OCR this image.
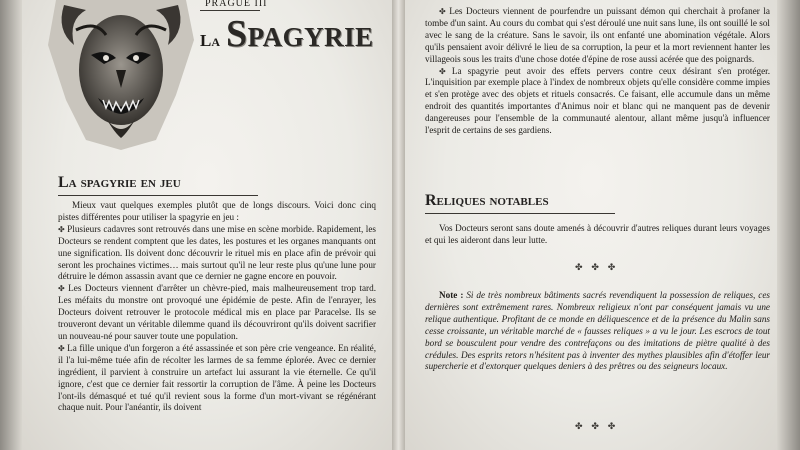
PRAGUE III
La Spagyrie
La spagyrie en jeu

Mieux vaut quelques exemples plutôt que de longs discours. Voici donc cinq pistes différentes pour utiliser la spagyrie en jeu :

✤ Plusieurs cadavres sont retrouvés dans une mise en scène morbide. Rapidement, les Docteurs se rendent comptent que les dates, les postures et les organes manquants ont une signification. Ils doivent donc découvrir le rituel mis en place afin de prévoir qui seront les prochaines victimes… mais surtout qu'il ne leur reste plus qu'une lune pour détruire le démon assassin avant que ce dernier ne gagne encore en pouvoir.

✤ Les Docteurs viennent d'arrêter un chèvre-pied, mais malheureusement trop tard. Les méfaits du monstre ont provoqué une épidémie de peste. Afin de l'enrayer, les Docteurs doivent retrouver le protocole médical mis en place par Paracelse. Ils se trouveront devant un véritable dilemme quand ils découvriront qu'ils doivent sacrifier un nouveau-né pour sauver toute une population.

✤ La fille unique d'un forgeron a été assassinée et son père crie vengeance. En réalité, il l'a lui-même tuée afin de récolter les larmes de sa femme éplorée. Avec ce dernier ingrédient, il parvient à construire un artefact lui assurant la vie éternelle. Ce qu'il ignore, c'est que ce dernier fait ressortir la corruption de l'âme. À peine les Docteurs l'ont-ils démasqué et tué qu'il revient sous la forme d'un mort-vivant se régénérant chaque nuit. Pour l'anéantir, ils doivent

✤ Les Docteurs viennent de pourfendre un puissant démon qui cherchait à profaner la tombe d'un saint. Au cours du combat qui s'est déroulé une nuit sans lune, ils ont souillé le sol avec le sang de la créature. Sans le savoir, ils ont enfanté une abomination végétale. Alors qu'ils pensaient avoir délivré le lieu de sa corruption, la peur et la mort reviennent hanter les villageois sous les traits d'une chose dotée d'épine de rose aussi acérée que des poignards.

✤ La spagyrie peut avoir des effets pervers contre ceux désirant s'en protéger. L'inquisition par exemple place à l'index de nombreux objets qu'elle considère comme impies et s'en protège avec des objets et rituels consacrés. Ce faisant, elle accumule dans un même endroit des quantités importantes d'Animus noir et blanc qui ne manquent pas de devenir dangereuses pour l'ensemble de la communauté alentour, allant même jusqu'à influencer l'esprit de certains de ses gardiens.

Reliques notables

Vos Docteurs seront sans doute amenés à découvrir d'autres reliques durant leurs voyages et qui les aideront dans leur lutte.

✤ ✤ ✤

Note : Si de très nombreux bâtiments sacrés revendiquent la possession de reliques, ces dernières sont extrêmement rares. Nombreux religieux n'ont par conséquent jamais vu une relique authentique. Profitant de ce monde en déliquescence et de la présence du Malin sans cesse croissante, un véritable marché de « fausses reliques » a vu le jour. Les escrocs de tout bord se bousculent pour vendre des contrefaçons ou des imitations de piètre qualité à des crédules. Des esprits retors n'hésitent pas à inventer des mythes plausibles afin d'étoffer leur supercherie et d'extorquer quelques deniers à des prêtres ou des seigneurs locaux.

✤ ✤ ✤
